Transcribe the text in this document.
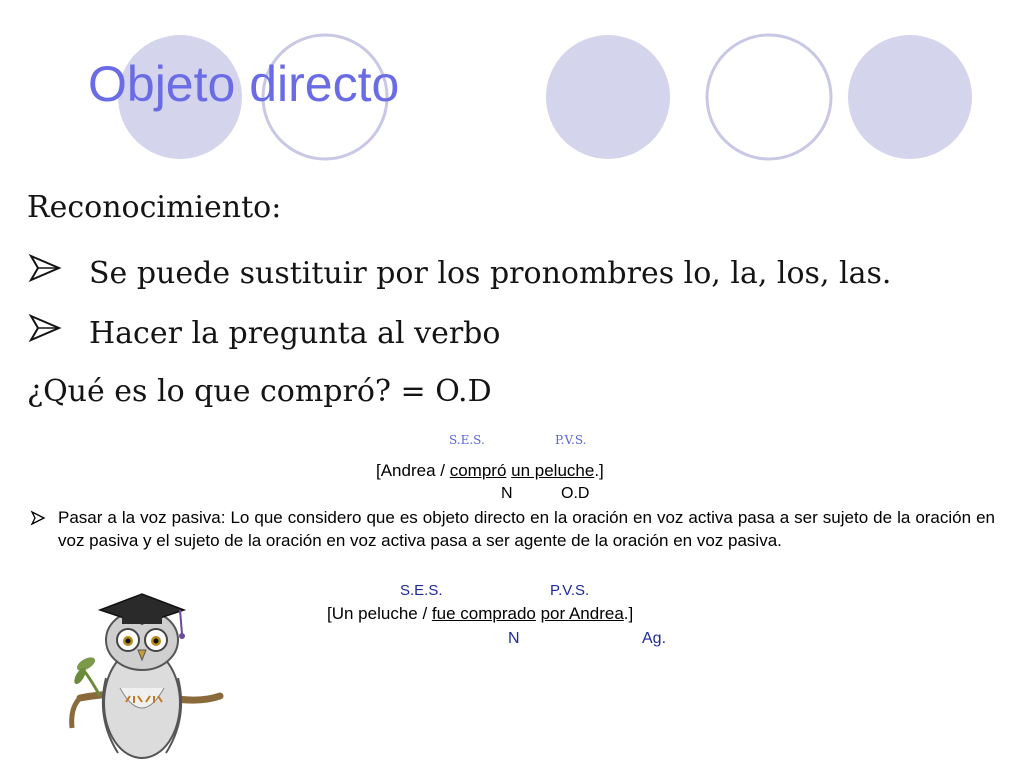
Objeto directo
Reconocimiento:
Se puede sustituir por los pronombres lo, la, los, las.
Hacer la pregunta al verbo
¿Qué es lo que compró? = O.D
S.E.S.	P.V.S.
[Andrea / compró un peluche.]
N	O.D
Pasar a la voz pasiva: Lo que considero que es objeto directo en la oración en voz activa pasa a ser sujeto de la oración en voz pasiva y el sujeto de la oración en voz activa pasa a ser agente de la oración en voz pasiva.
S.E.S.	P.V.S.
[Un peluche / fue comprado por Andrea.]
N	Ag.
